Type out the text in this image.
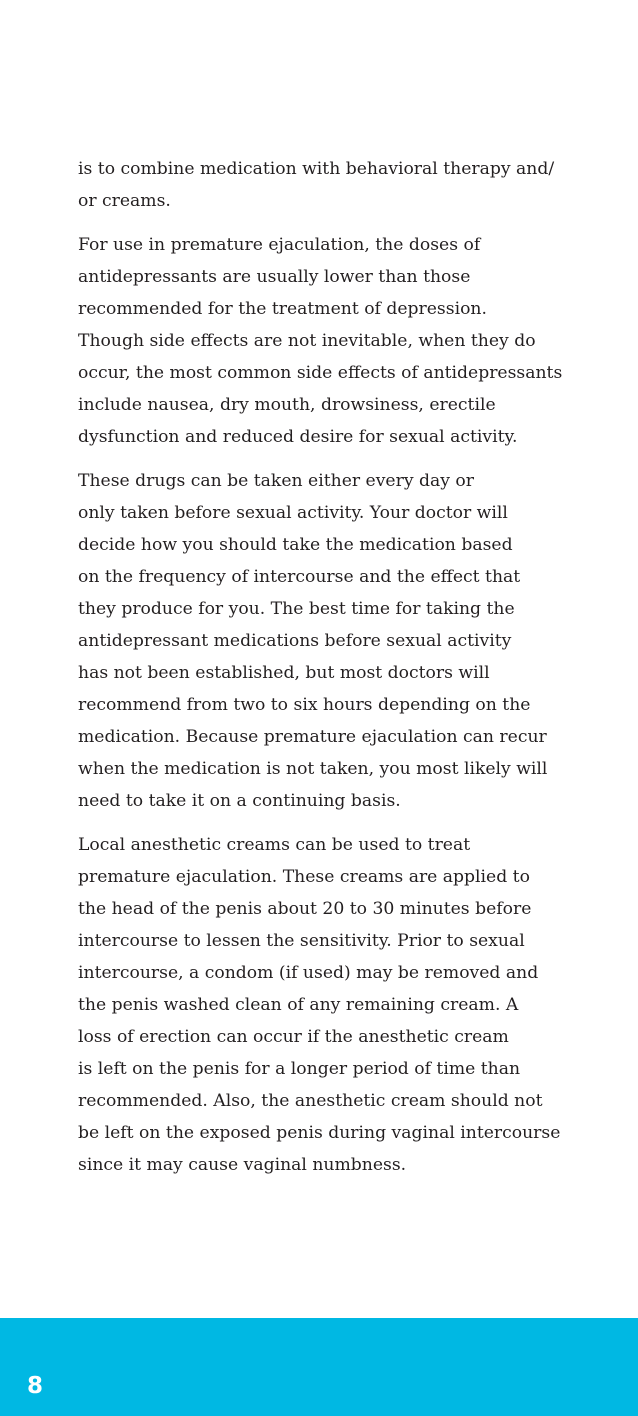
is to combine medication with behavioral therapy and/
or creams.

For use in premature ejaculation, the doses of
antidepressants are usually lower than those
recommended for the treatment of depression.
Though side effects are not inevitable, when they do
occur, the most common side effects of antidepressants
include nausea, dry mouth, drowsiness, erectile
dysfunction and reduced desire for sexual activity.

These drugs can be taken either every day or
only taken before sexual activity. Your doctor will
decide how you should take the medication based
on the frequency of intercourse and the effect that
they produce for you. The best time for taking the
antidepressant medications before sexual activity
has not been established, but most doctors will
recommend from two to six hours depending on the
medication. Because premature ejaculation can recur
when the medication is not taken, you most likely will
need to take it on a continuing basis.

Local anesthetic creams can be used to treat
premature ejaculation. These creams are applied to
the head of the penis about 20 to 30 minutes before
intercourse to lessen the sensitivity. Prior to sexual
intercourse, a condom (if used) may be removed and
the penis washed clean of any remaining cream. A
loss of erection can occur if the anesthetic cream
is left on the penis for a longer period of time than
recommended. Also, the anesthetic cream should not
be left on the exposed penis during vaginal intercourse
since it may cause vaginal numbness.

8
